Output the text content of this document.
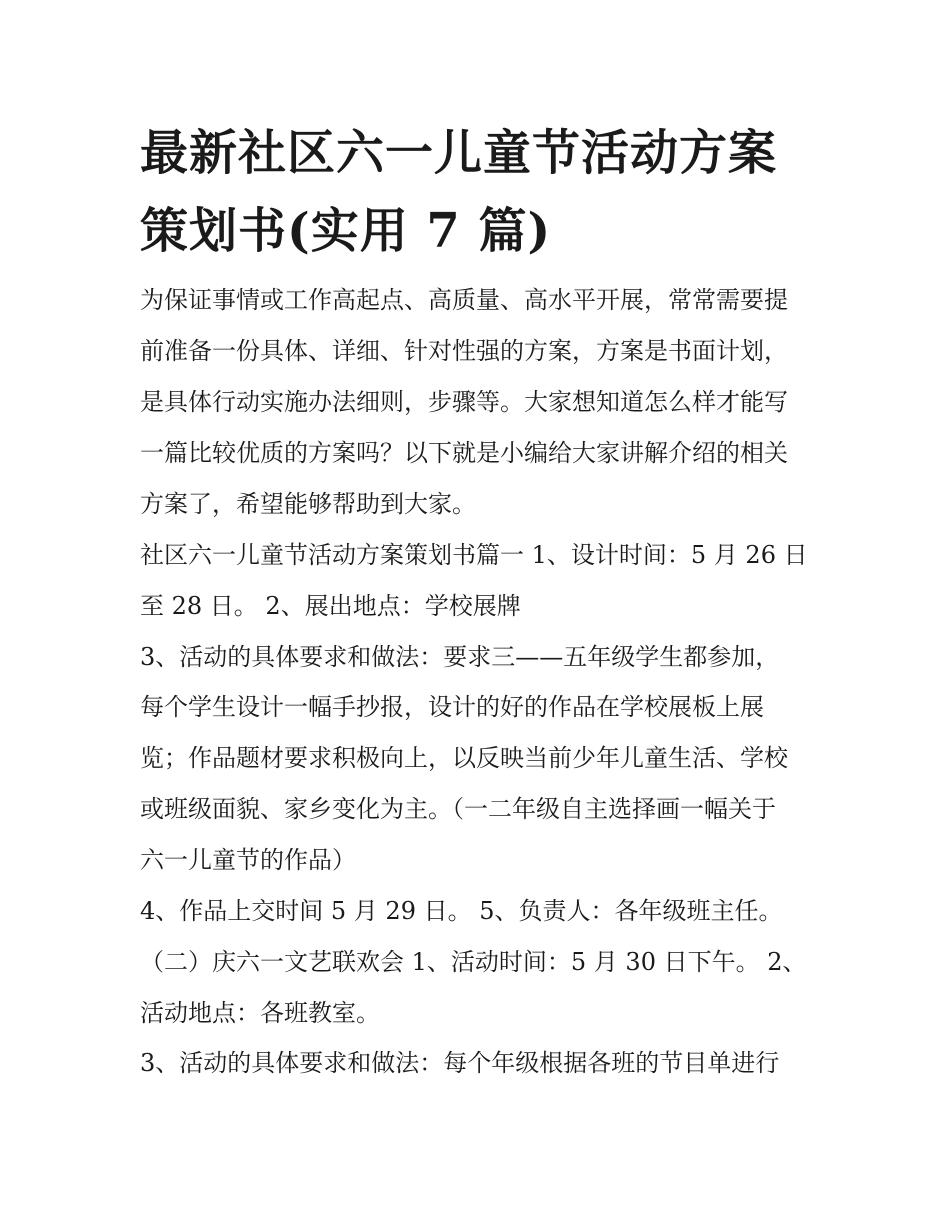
最新社区六一儿童节活动方案
策划书(实用 7 篇)

为保证事情或工作高起点、高质量、高水平开展，常常需要提

前准备一份具体、详细、针对性强的方案，方案是书面计划，

是具体行动实施办法细则，步骤等。大家想知道怎么样才能写

一篇比较优质的方案吗？以下就是小编给大家讲解介绍的相关

方案了，希望能够帮助到大家。

社区六一儿童节活动方案策划书篇一 1、设计时间：5 月 26 日

至 28 日。 2、展出地点：学校展牌

3、活动的具体要求和做法：要求三——五年级学生都参加，

每个学生设计一幅手抄报，设计的好的作品在学校展板上展

览；作品题材要求积极向上，以反映当前少年儿童生活、学校

或班级面貌、家乡变化为主。（一二年级自主选择画一幅关于

六一儿童节的作品）

4、作品上交时间 5 月 29 日。 5、负责人：各年级班主任。

（二）庆六一文艺联欢会 1、活动时间：5 月 30 日下午。 2、

活动地点：各班教室。

3、活动的具体要求和做法：每个年级根据各班的节目单进行
